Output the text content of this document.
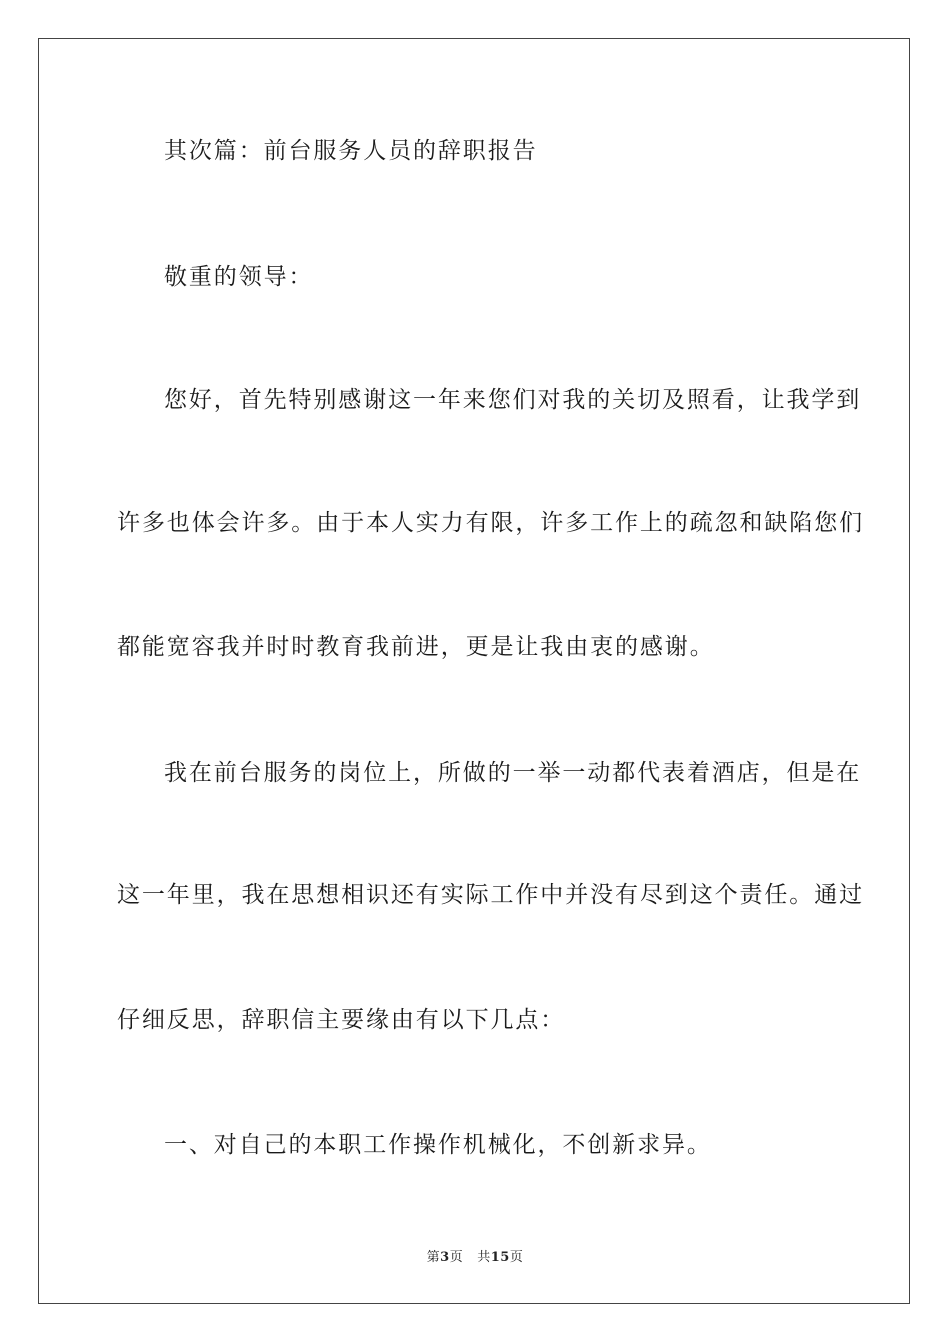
其次篇：前台服务人员的辞职报告
敬重的领导：
您好，首先特别感谢这一年来您们对我的关切及照看，让我学到
许多也体会许多。由于本人实力有限，许多工作上的疏忽和缺陷您们
都能宽容我并时时教育我前进，更是让我由衷的感谢。
我在前台服务的岗位上，所做的一举一动都代表着酒店，但是在
这一年里，我在思想相识还有实际工作中并没有尽到这个责任。通过
仔细反思，辞职信主要缘由有以下几点：
一、对自己的本职工作操作机械化，不创新求异。
第3页 共15页
